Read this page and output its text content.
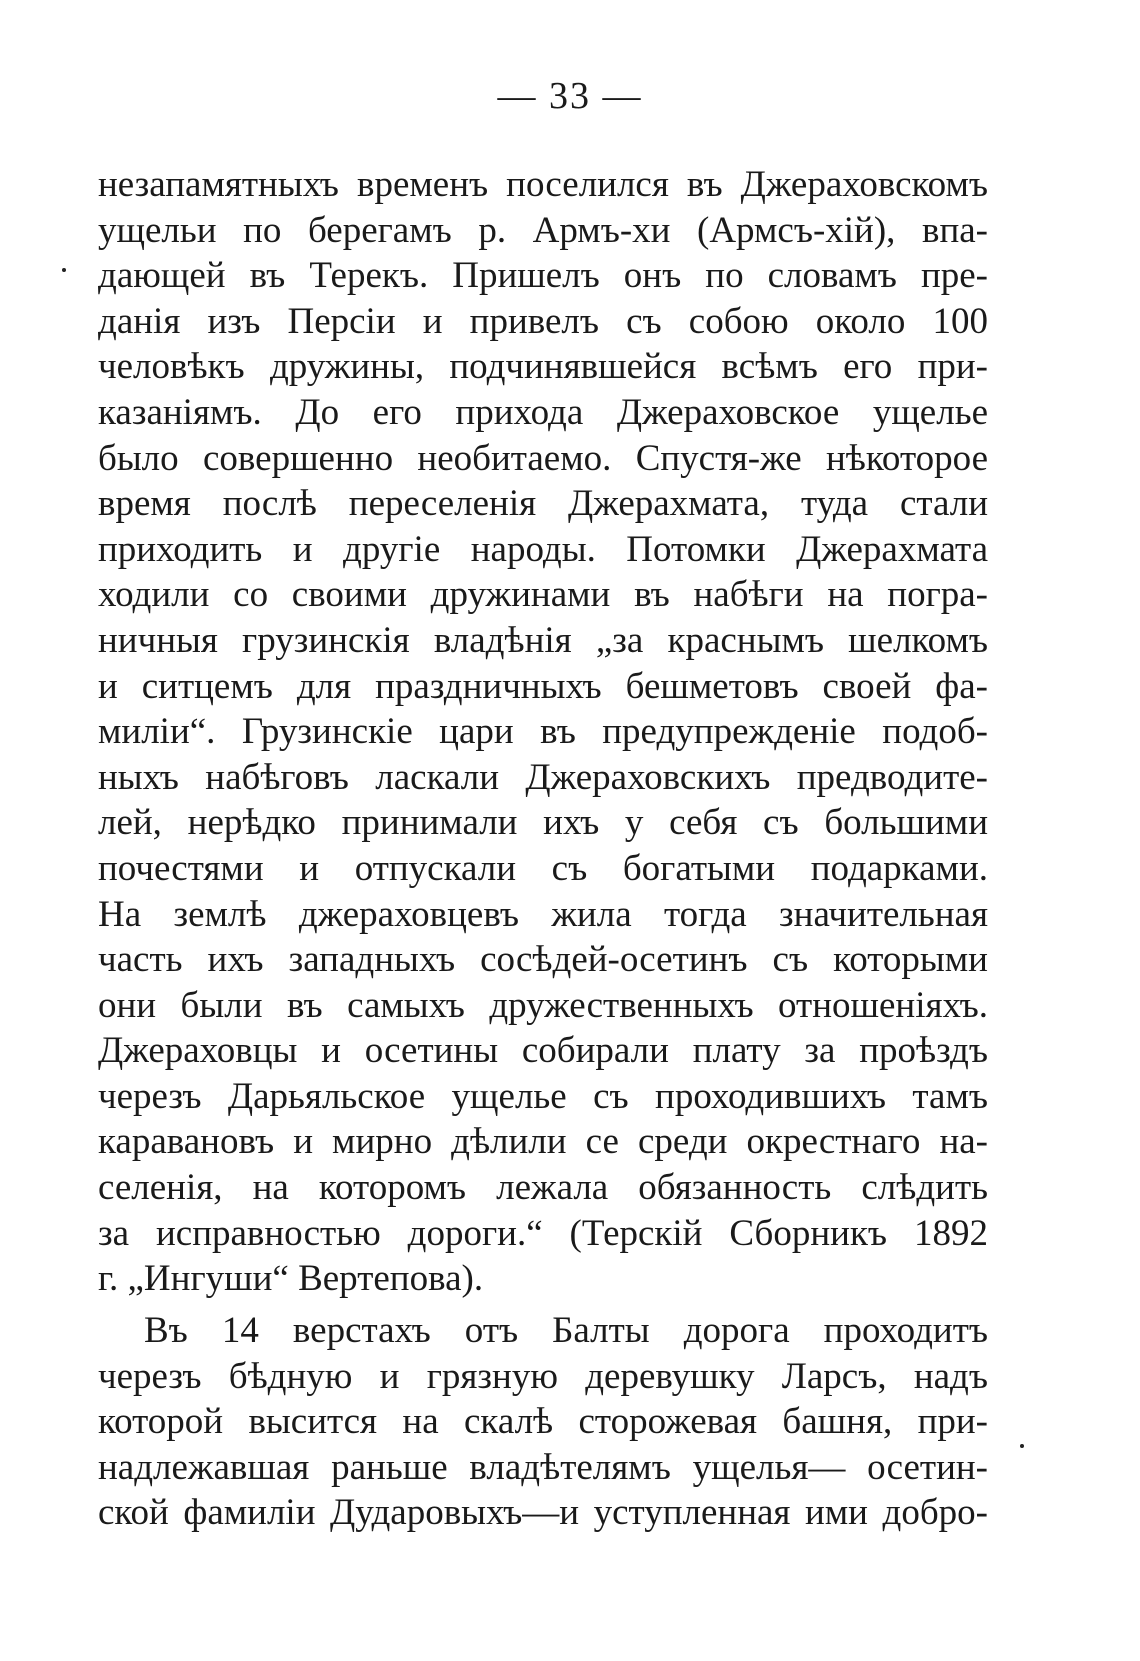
— 33 —
незапамятныхъ временъ поселился въ Джераховскомъ
ущельи по берегамъ р. Армъ-хи (Армсъ-хій), впа-
дающей въ Терекъ. Пришелъ онъ по словамъ пре-
данія изъ Персіи и привелъ съ собою около 100
человѣкъ дружины, подчинявшейся всѣмъ его при-
казаніямъ. До его прихода Джераховское ущелье
было совершенно необитаемо. Спустя-же нѣкоторое
время послѣ переселенія Джерахмата, туда стали
приходить и другіе народы. Потомки Джерахмата
ходили со своими дружинами въ набѣги на погра-
ничныя грузинскія владѣнія „за краснымъ шелкомъ
и ситцемъ для праздничныхъ бешметовъ своей фа-
миліи“. Грузинскіе цари въ предупрежденіе подоб-
ныхъ набѣговъ ласкали Джераховскихъ предводите-
лей, нерѣдко принимали ихъ у себя съ большими
почестями и отпускали съ богатыми подарками.
На землѣ джераховцевъ жила тогда значительная
часть ихъ западныхъ сосѣдей-осетинъ съ которыми
они были въ самыхъ дружественныхъ отношеніяхъ.
Джераховцы и осетины собирали плату за проѣздъ
черезъ Дарьяльское ущелье съ проходившихъ тамъ
каравановъ и мирно дѣлили се среди окрестнаго на-
селенія, на которомъ лежала обязанность слѣдить
за исправностью дороги.“ (Терскій Сборникъ 1892
г. „Ингуши“ Вертепова).
Въ 14 верстахъ отъ Балты дорога проходитъ
черезъ бѣдную и грязную деревушку Ларсъ, надъ
которой высится на скалѣ сторожевая башня, при-
надлежавшая раньше владѣтелямъ ущелья— осетин-
ской фамиліи Дударовыхъ—и уступленная ими добро-
